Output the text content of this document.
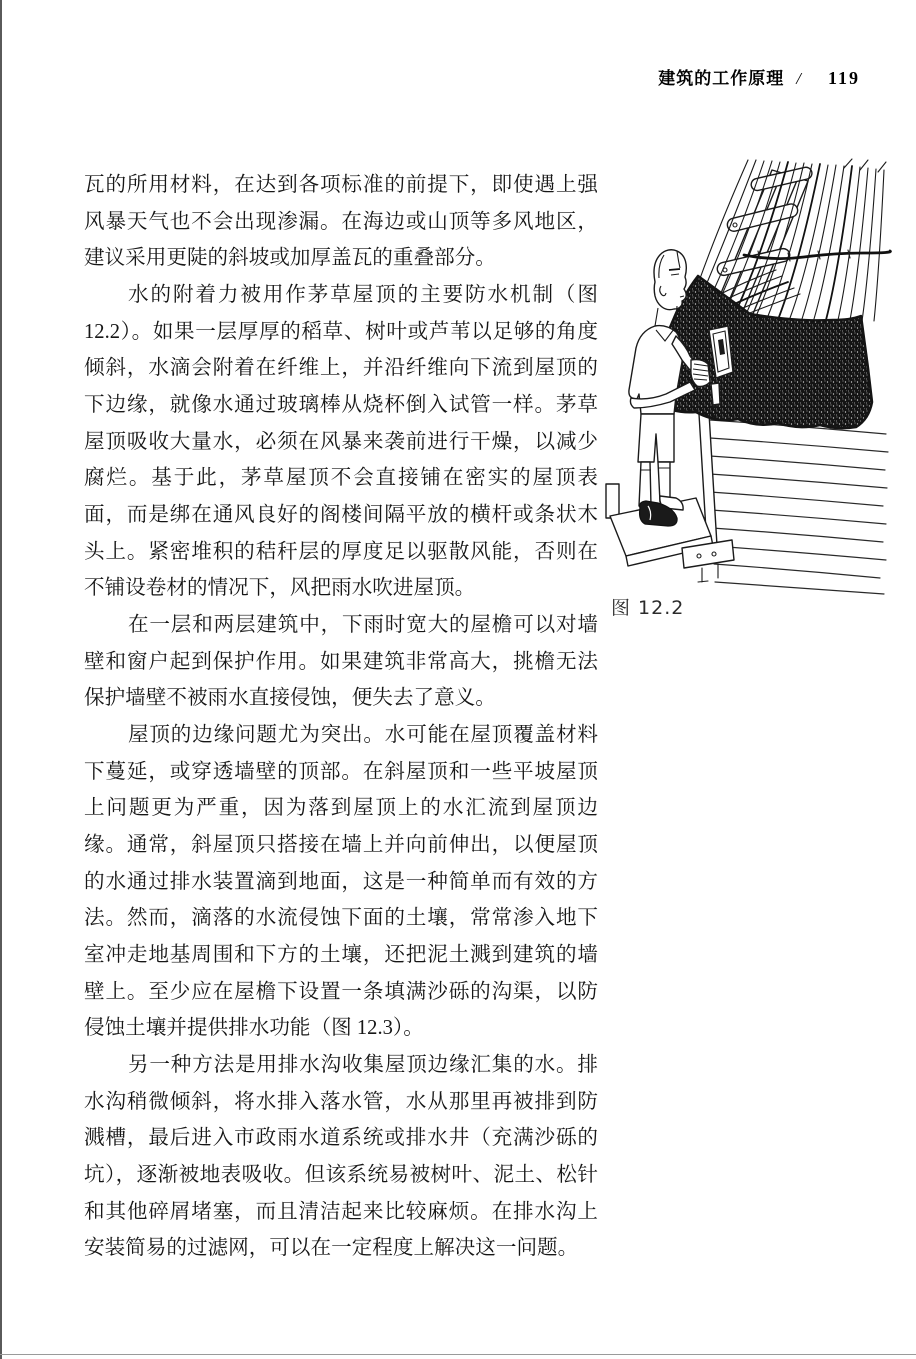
建筑的工作原理 / 119

瓦的所用材料，在达到各项标准的前提下，即使遇上强风暴天气也不会出现渗漏。在海边或山顶等多风地区，建议采用更陡的斜坡或加厚盖瓦的重叠部分。

水的附着力被用作茅草屋顶的主要防水机制（图12.2）。如果一层厚厚的稻草、树叶或芦苇以足够的角度倾斜，水滴会附着在纤维上，并沿纤维向下流到屋顶的下边缘，就像水通过玻璃棒从烧杯倒入试管一样。茅草屋顶吸收大量水，必须在风暴来袭前进行干燥，以减少腐烂。基于此，茅草屋顶不会直接铺在密实的屋顶表面，而是绑在通风良好的阁楼间隔平放的横杆或条状木头上。紧密堆积的秸秆层的厚度足以驱散风能，否则在不铺设卷材的情况下，风把雨水吹进屋顶。

在一层和两层建筑中，下雨时宽大的屋檐可以对墙壁和窗户起到保护作用。如果建筑非常高大，挑檐无法保护墙壁不被雨水直接侵蚀，便失去了意义。

屋顶的边缘问题尤为突出。水可能在屋顶覆盖材料下蔓延，或穿透墙壁的顶部。在斜屋顶和一些平坡屋顶上问题更为严重，因为落到屋顶上的水汇流到屋顶边缘。通常，斜屋顶只搭接在墙上并向前伸出，以便屋顶的水通过排水装置滴到地面，这是一种简单而有效的方法。然而，滴落的水流侵蚀下面的土壤，常常渗入地下室冲走地基周围和下方的土壤，还把泥土溅到建筑的墙壁上。至少应在屋檐下设置一条填满沙砾的沟渠，以防侵蚀土壤并提供排水功能（图 12.3）。

另一种方法是用排水沟收集屋顶边缘汇集的水。排水沟稍微倾斜，将水排入落水管，水从那里再被排到防溅槽，最后进入市政雨水道系统或排水井（充满沙砾的坑），逐渐被地表吸收。但该系统易被树叶、泥土、松针和其他碎屑堵塞，而且清洁起来比较麻烦。在排水沟上安装简易的过滤网，可以在一定程度上解决这一问题。

图 12.2
